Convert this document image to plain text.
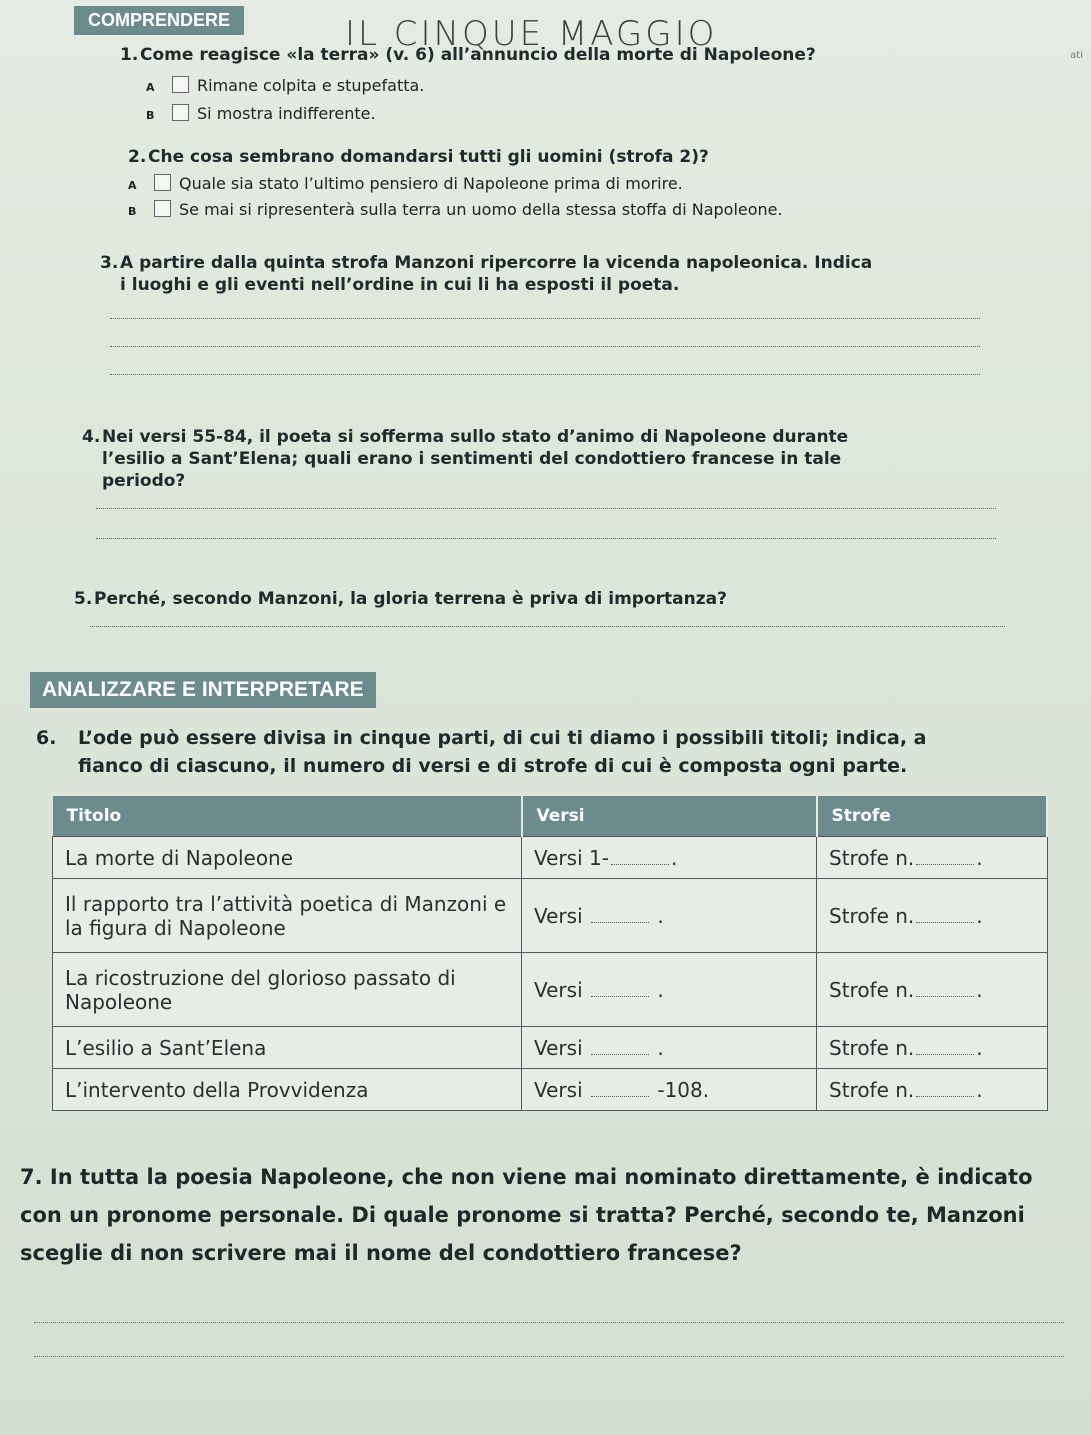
COMPRENDERE	IL CINQUE MAGGIO
ati
1. Come reagisce «la terra» (v. 6) all’annuncio della morte di Napoleone?
A	Rimane colpita e stupefatta.
B	Si mostra indifferente.
2. Che cosa sembrano domandarsi tutti gli uomini (strofa 2)?
A	Quale sia stato l’ultimo pensiero di Napoleone prima di morire.
B	Se mai si ripresenterà sulla terra un uomo della stessa stoffa di Napoleone.
3. A partire dalla quinta strofa Manzoni ripercorre la vicenda napoleonica. Indica
i luoghi e gli eventi nell’ordine in cui li ha esposti il poeta.
4. Nei versi 55-84, il poeta si sofferma sullo stato d’animo di Napoleone durante
l’esilio a Sant’Elena; quali erano i sentimenti del condottiero francese in tale
periodo?
5. Perché, secondo Manzoni, la gloria terrena è priva di importanza?
ANALIZZARE E INTERPRETARE
6. L’ode può essere divisa in cinque parti, di cui ti diamo i possibili titoli; indica, a
fianco di ciascuno, il numero di versi e di strofe di cui è composta ogni parte.
Titolo	Versi	Strofe
La morte di Napoleone	Versi 1- .	Strofe n. .
Il rapporto tra l’attività poetica di Manzoni e la figura di Napoleone	Versi .	Strofe n. .
La ricostruzione del glorioso passato di Napoleone	Versi .	Strofe n. .
L’esilio a Sant’Elena	Versi .	Strofe n. .
L’intervento della Provvidenza	Versi -108.	Strofe n. .
7. In tutta la poesia Napoleone, che non viene mai nominato direttamente, è indicato con un pronome personale. Di quale pronome si tratta? Perché, secondo te, Manzoni sceglie di non scrivere mai il nome del condottiero francese?
